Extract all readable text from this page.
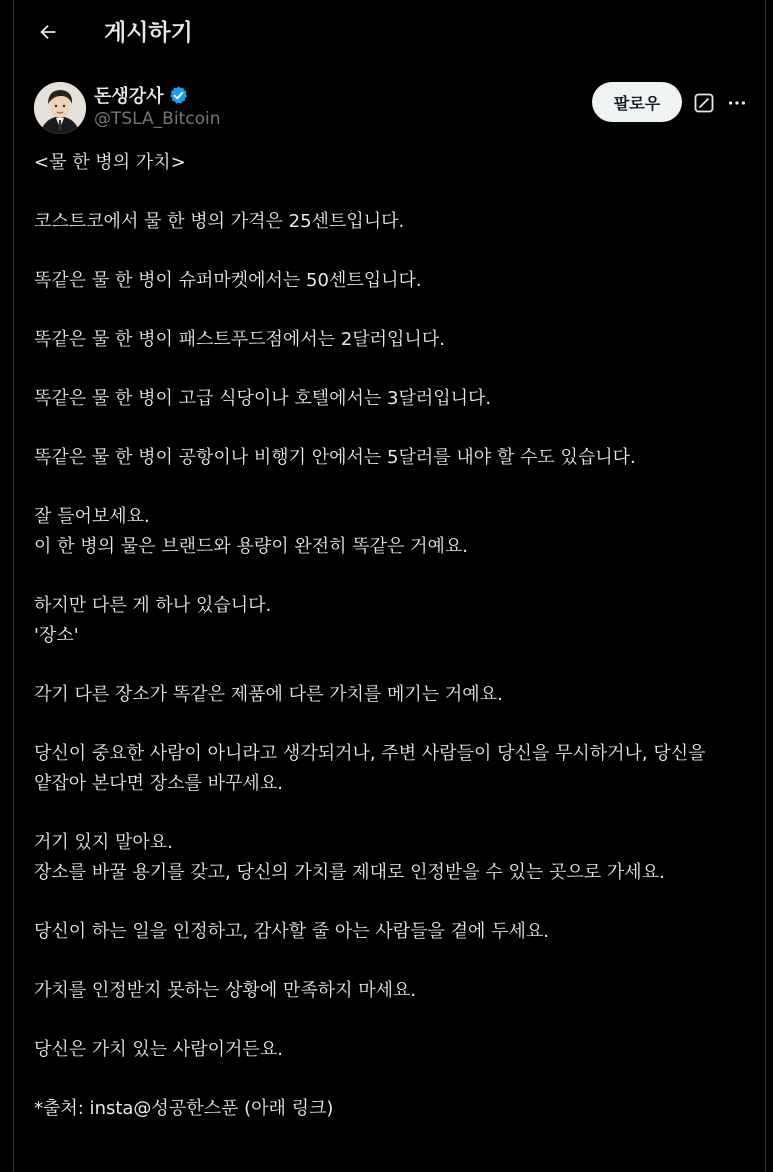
게시하기
돈생강사
@TSLA_Bitcoin
팔로우

<물 한 병의 가치>

코스트코에서 물 한 병의 가격은 25센트입니다.

똑같은 물 한 병이 슈퍼마켓에서는 50센트입니다.

똑같은 물 한 병이 패스트푸드점에서는 2달러입니다.

똑같은 물 한 병이 고급 식당이나 호텔에서는 3달러입니다.

똑같은 물 한 병이 공항이나 비행기 안에서는 5달러를 내야 할 수도 있습니다.

잘 들어보세요.
이 한 병의 물은 브랜드와 용량이 완전히 똑같은 거예요.

하지만 다른 게 하나 있습니다.
'장소'

각기 다른 장소가 똑같은 제품에 다른 가치를 메기는 거예요.

당신이 중요한 사람이 아니라고 생각되거나, 주변 사람들이 당신을 무시하거나, 당신을
얕잡아 본다면 장소를 바꾸세요.

거기 있지 말아요.
장소를 바꿀 용기를 갖고, 당신의 가치를 제대로 인정받을 수 있는 곳으로 가세요.

당신이 하는 일을 인정하고, 감사할 줄 아는 사람들을 곁에 두세요.

가치를 인정받지 못하는 상황에 만족하지 마세요.

당신은 가치 있는 사람이거든요.

*출처: insta@성공한스푼 (아래 링크)
